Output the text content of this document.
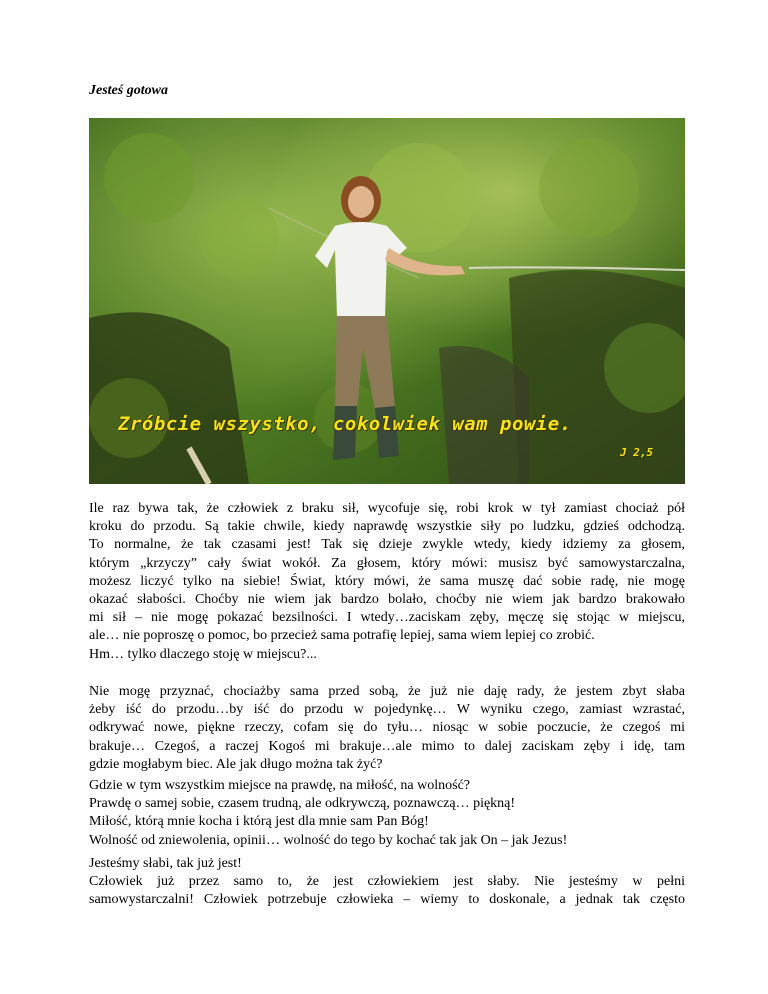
Jesteś gotowa
Zróbcie wszystko, cokolwiek wam powie.
J 2,5
Ile raz bywa tak, że człowiek z braku sił, wycofuje się, robi krok w tył zamiast chociaż pół
kroku do przodu. Są takie chwile, kiedy naprawdę wszystkie siły po ludzku, gdzieś odchodzą.
To normalne, że tak czasami jest! Tak się dzieje zwykle wtedy, kiedy idziemy za głosem,
którym „krzyczy” cały świat wokół. Za głosem, który mówi: musisz być samowystarczalna,
możesz liczyć tylko na siebie! Świat, który mówi, że sama muszę dać sobie radę, nie mogę
okazać słabości. Choćby nie wiem jak bardzo bolało, choćby nie wiem jak bardzo brakowało
mi sił – nie mogę pokazać bezsilności. I wtedy…zaciskam zęby, męczę się stojąc w miejscu,
ale… nie poproszę o pomoc, bo przecież sama potrafię lepiej, sama wiem lepiej co zrobić.
Hm… tylko dlaczego stoję w miejscu?...
Nie mogę przyznać, chociażby sama przed sobą, że już nie daję rady, że jestem zbyt słaba
żeby iść do przodu…by iść do przodu w pojedynkę… W wyniku czego, zamiast wzrastać,
odkrywać nowe, piękne rzeczy, cofam się do tyłu… niosąc w sobie poczucie, że czegoś mi
brakuje… Czegoś, a raczej Kogoś mi brakuje…ale mimo to dalej zaciskam zęby i idę, tam
gdzie mogłabym biec. Ale jak długo można tak żyć?
Gdzie w tym wszystkim miejsce na prawdę, na miłość, na wolność?
Prawdę o samej sobie, czasem trudną, ale odkrywczą, poznawczą… piękną!
Miłość, którą mnie kocha i którą jest dla mnie sam Pan Bóg!
Wolność od zniewolenia, opinii… wolność do tego by kochać tak jak On – jak Jezus!
Jesteśmy słabi, tak już jest!
Człowiek już przez samo to, że jest człowiekiem jest słaby. Nie jesteśmy w pełni
samowystarczalni! Człowiek potrzebuje człowieka – wiemy to doskonale, a jednak tak często
